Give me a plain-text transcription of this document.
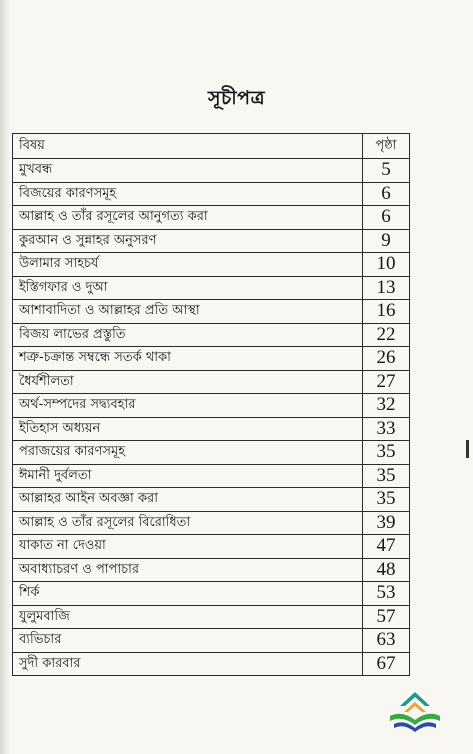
সূচীপত্র
বিষয়	পৃষ্ঠা
মুখবন্ধ	5
বিজয়ের কারণসমূহ	6
আল্লাহ ও তাঁর রসূলের আনুগত্য করা	6
কুরআন ও সুন্নাহর অনুসরণ	9
উলামার সাহচর্য	10
ইস্তিগফার ও দুআ	13
আশাবাদিতা ও আল্লাহর প্রতি আস্থা	16
বিজয় লাভের প্রস্তুতি	22
শত্রু-চক্রান্ত সম্বন্ধে সতর্ক থাকা	26
ধৈর্যশীলতা	27
অর্থ-সম্পদের সদ্ব্যবহার	32
ইতিহাস অধ্যয়ন	33
পরাজয়ের কারণসমূহ	35
ঈমানী দুর্বলতা	35
আল্লাহর আইন অবজ্ঞা করা	35
আল্লাহ ও তাঁর রসূলের বিরোধিতা	39
যাকাত না দেওয়া	47
অবাধ্যাচরণ ও পাপাচার	48
শির্ক	53
যুলুমবাজি	57
ব্যভিচার	63
সুদী কারবার	67
